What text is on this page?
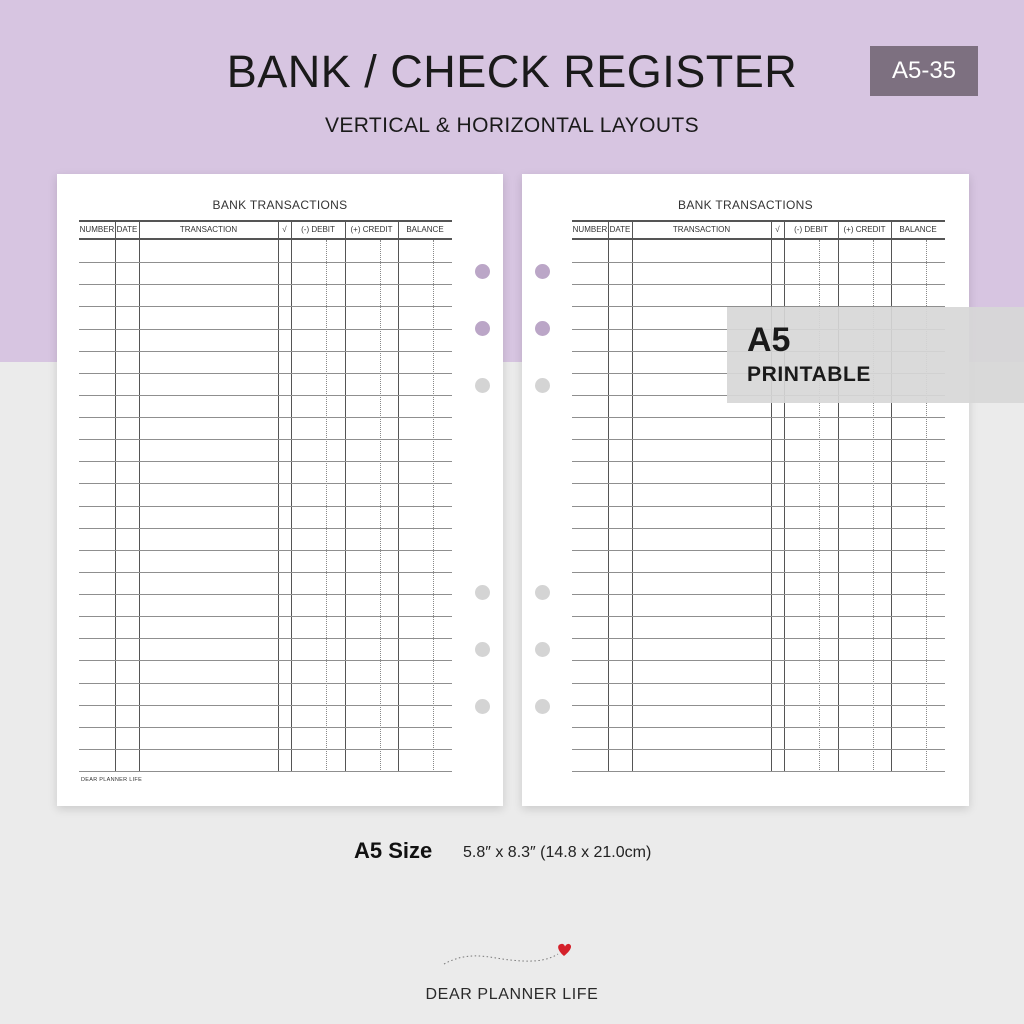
BANK / CHECK REGISTER
VERTICAL & HORIZONTAL LAYOUTS
A5-35
BANK TRANSACTIONS
NUMBER DATE	TRANSACTION	√	(-) DEBIT	(+) CREDIT	BALANCE
DEAR PLANNER LIFE
BANK TRANSACTIONS
NUMBER DATE	TRANSACTION	√	(-) DEBIT	(+) CREDIT	BALANCE
A5
PRINTABLE
A5 Size 5.8″ x 8.3″ (14.8 x 21.0cm)
DEAR PLANNER LIFE
